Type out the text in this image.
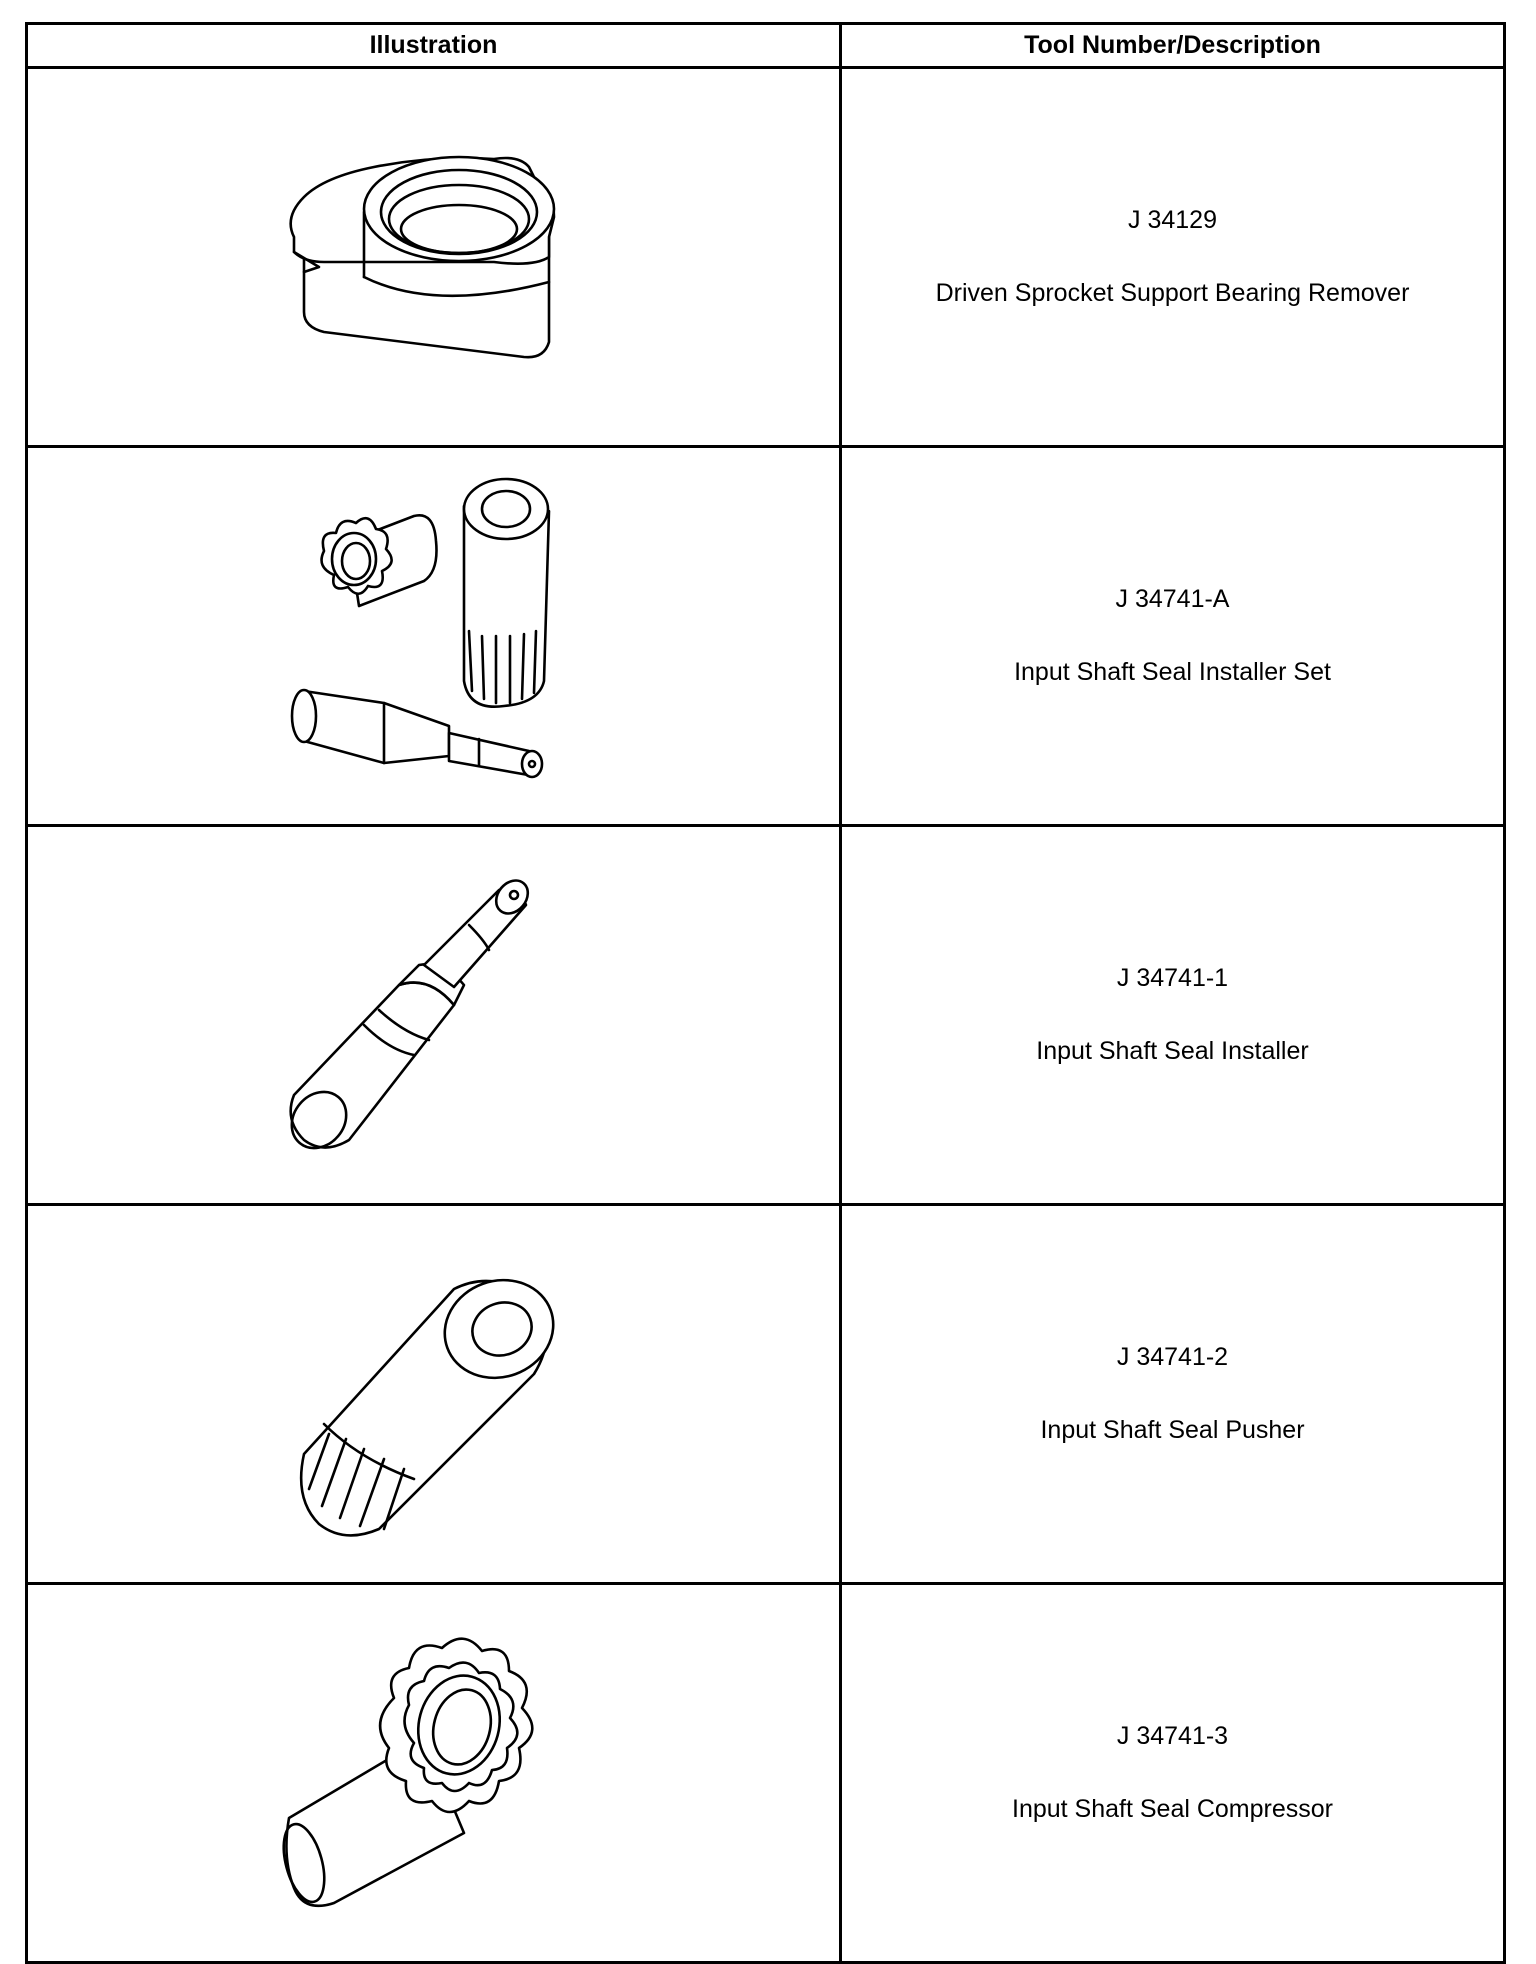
Illustration	Tool Number/Description

J 34129
Driven Sprocket Support Bearing Remover

J 34741-A
Input Shaft Seal Installer Set

J 34741-1
Input Shaft Seal Installer

J 34741-2
Input Shaft Seal Pusher

J 34741-3
Input Shaft Seal Compressor
